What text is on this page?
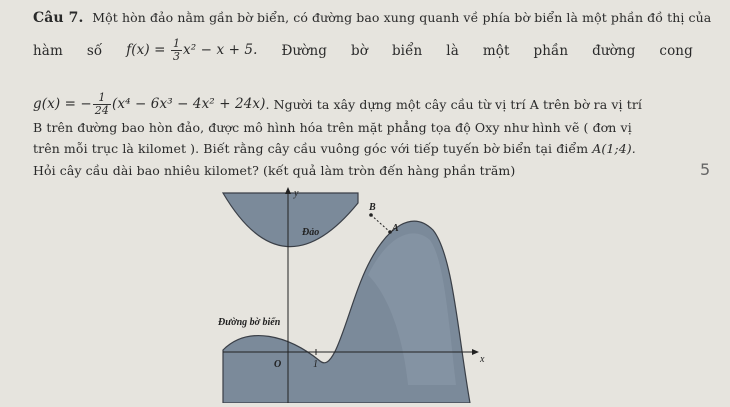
Câu 7. Một hòn đảo nằm gần bờ biển, có đường bao xung quanh về phía bờ biển là một phần đồ thị của
hàm số $f(x) = \frac{1}{3} x^2 - x + 5$. Đường bờ biển là một phần đường cong
g(x) = − $\frac{1}{24} (x^4 - 6x^3 - 4x^2 + 24x)$ . Người ta xây dựng một cây cầu từ vị trí A trên bờ ra vị trí
B trên đường bao hòn đảo, được mô hình hóa trên mặt phẳng tọa độ Oxy như hình vẽ ( đơn vị
trên mỗi trục là kilomet ). Biết rằng cây cầu vuông góc với tiếp tuyến bờ biển tại điểm A(1;4).
Hỏi cây cầu dài bao nhiêu kilomet? (kết quả làm tròn đến hàng phần trăm)	5
y
x
O	1
B
A
Đảo
Đường bờ biển
